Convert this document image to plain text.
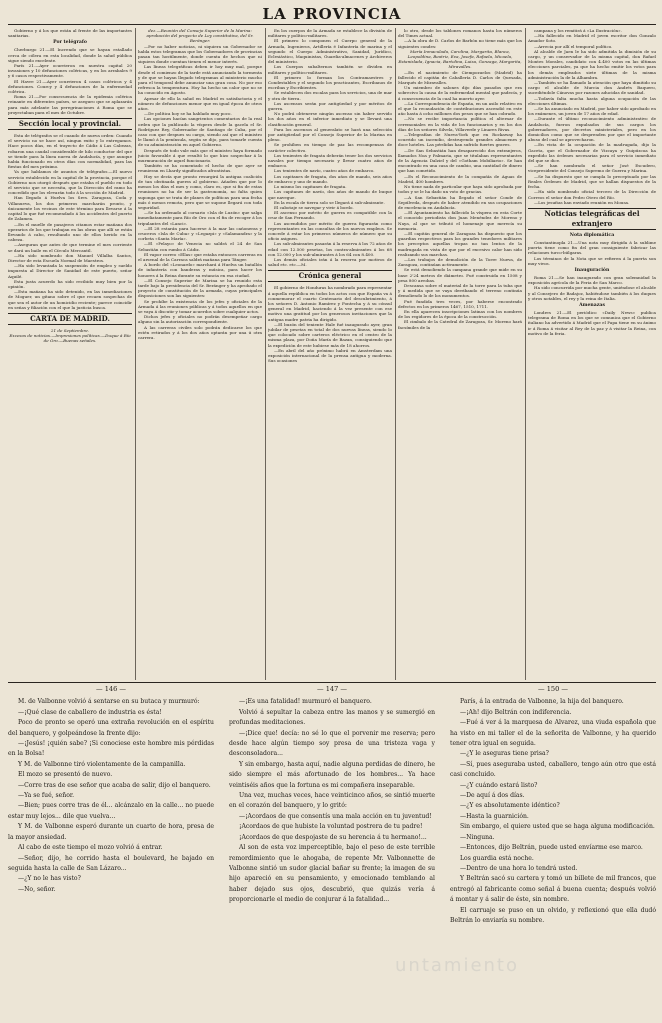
LA PROVINCIA

Gobierno y á los que están al frente de las importantes sanitarias.

Por telégrafo

Cherburgo 21.—El Increndo que se hayan estallado cerca de cólera en esta localidad, donde la salud pública sigue siendo excelente.

París 21.—Ayer ocurrieron en nuestra capital 20 invasiones y 10 defunciones coléricas, y en los arrabales 9 y 6 casos respectivamente.

El Havre 21.—Ayer ocurrieron 4 casos coléricos y 4 defunciones. Courcy y 4 defunciones de la enfermedad colérica.

Roma 21.—Por consecuencia de la epidemia colérica reinante en diferentes países, se aseguro que se aplazarán para más adelante las peregrinaciones á Roma que se proyectaban para el mes de Octubre.

Sección local y provincial.

Esta de telégrafos se el cuando de nueva orden: Cuando el servicio no se hace así, ningun exito y lo entregamos. Hace pocos días, en el trayecto de Cádiz á Las Cabezas, robaron una caudal considerable de hilo conductor del que se tiende para la línea nueva de Andalucía, y que aunque había funcionado en otros días con normalidad, para las fiestas del mes próximo.

Ya que hablamos de asuntos de telégrafos.—El nuevo servicio establecido en la capital de la provincia, porque el Gobierno nos otorgó después que estaba el pueblo en todo el servicio que se necesita, que la Dirección del ramo ha concedido que los elevarán todo á la sección de Madrid.

Han llegado á Huelva los Sres. Zaragoza, Coda y Villanueva, los dos primeros marcharán pronto, y únicamente los vecinos de este término para llevarse á la capital lo que fué recomendado á los accidentes del puerto de Zalamea.

—En el muelle de pasajeros citamos estar mañana dos operarios de los que trabajan en las obras que allí se están llevando á cabo, resultando uno de ellos herido en la cabeza.

—Aseguran que antes de que termine el mes corriente se dará un baile en el Círculo Mercantil.

—Ha sido nombrado don Manuel Villalba Santos, Director de esta Escuela Normal de Maestros.

—Ha sido levantada la suspensión de empleo y sueldo impuesta al Director de Sanidad de este puerto, señor Aquilé.

Esta justa acuerdo ha sido recibido muy bien por la opinión.

—Esta mañana ha sido detenido, en las inmediaciones de Moguer, un gitano sobre el que recaen sospechas de que sea el autor de un homicidio reciente; parece coincidir en señas y filiación con el que la justicia busca.

CARTA DE MADRID.

21 de Septiembre.

Excesos de noticias.—Impresiones políticas.—Duque á Río de Oro.—Buenas señales.

dez.—Reunión del Consejo Superior de la Marina: aprobación del proyecto de Ley constitutiva, del Sr. Beránger.

—Por no haber noticias, ni siquiera un Gobernador se habla estos telegramas que los Gobernadores de provincias pasan tan hostilmente, donde cuenta de hechos que ni siquiera donde cuentan tienen el menor interés.

Las líneas telegráficas deben ir hoy muy mal, porque desde el comienzo de la tarde está anunciando la tormenta y de que se hayan llegado telegramas al ministerio mucho para el temporal debe anunciar una gran cosa. No por eso refresca la temperatura. Hoy ha hecho un calor que no se ha conocido en Agosto.

Apesar de ello la salud en Madrid es satisfactoria y el número de defunciones menor que en igual época de otros años.

—De política hoy se ha hablado muy poco.

Las opciones hacían sangrientos comentarios de la real orden que la publicado la víspera desde la gacela el Sr. Rodríguez Rey, Gobernador de Santiago de Cuba, por el caso con que despues su cargo, siendo así que el ministro le llamó á la península, según se dijo, para tomarle cuenta de su administración en aquel Gobierno.

Después de todo vale más que el ministro haya formado juicio favorable á que resultó lo que hizo sospechar á la murmuración de aquel funcionario.

También se ha comentado el hecho de que ayer se reunieran en Lhardy significados afrontistas.

Hoy se decía que pronto resurgirá la antigua coalición de tan obstinada guerra al gobierno. Añaden que por lo menos los días el mes y como, claro es, que si fin de estas reuniones no ha de ser la gastronomía, no falta quien suponga que se trata de planes de políticas para una fecha más ó menos remota, pero que se supone llegará con toda seguridad.

—Se ha ordenado al corsario «Isla de Luzón» que salga inmediatamente para Río de Oro con el fin de recoger á los tripulantes del «Lanci».

—El 28 estarán para hacerse á la mar las cañoneras y cruceros «Isla de Cuba» y «Legazpi» y «Salamandra» y la corbeta «Santa María».

—El «Pelayo» de Venecia no saldrá el 24 de San Sebastián con rumbo á Cádiz.

El vapor correo «Ellas» que estaba entonces carreras en el arsenal de la Carraca saldrá mañana para Tánger.

A bordo del «Leonardo» marchará á Huelva un batallón de infantería con banderas y música, para hacer los honores á la Reina durante su estancia en esa ciudad.

—El Consejo Superior de Marina se ha reunido esta tarde bajo la presidencia del Sr. Beránger y ha aprobado el proyecto de constitución de la armada, cuyas principales disposiciones son las siguientes:

Se prohíbe la existencia de los jefes y oficiales de la Armada á las reuniones públicas y á todos aquellos en que se vaya á discutir y tomar acuerdos sobre cualquier actos.

Dichos jefes y oficiales no podrán desempeñar cargo alguno sin la autorización correspondiente.

A las carreras civiles solo podrán dedicarse los que estén retirados y á los dos años optarán por una ú otra carrera.

En los cuerpos de la Armada se establece la división de militares y político-militares.

El primero lo componen el Cuerpo general de la Armada, Ingenieros, Artillería é Infantería de marina y el segundo el Cuerpo Administrativo, Sanidad, Jurídico, Eclesiástico, Maquinistas, Guardia-almacenes y Archiveros del ministerio.

Los Cuerpos subalternos también se dividen en militares y político-militares.

El primero lo forman los Contramaestres y Condestables y el segundo los practicantes, Escribanos de escribas y Escribientes.

Se establecen dos escalas para los servicios, una de mar y otra de tierra.

Los ascensos serán por antigüedad y por méritos de guerra.

No podrá obtenerse ningún ascenso sin haber servido los dos años en el inferior inmediato y se llevará una clasificación general.

Para los ascensos al generalato se hará una selección por antigüedad por el Consejo Superior de la Marina en pleno.

Se prohíben en tiempo de paz las recompensas de carácter colectivo.

Los tenientes de fragata deberán tener los dos servicios navales por tiempo necesario y llevar cuatro años de embarco.

Los tenientes de navío, cuatro años de embarco.

Los capitanes de fragata, dos años de mando, seis años de embarco y uno de mando.

Lo mismo los capitanes de fragata.

Los capitanes de navío, dos años de mando de buque que navegue.

En la escala de tierra solo se llegará á sub-almirante.

El cabotaje se navegar y vivir á bordo.

El ascenso por mérito de guerra es compatible con la cruz de San Fernando.

Los ascendidos por mérito de guerra figurarán como representantes en las consultas de los nuevos empleos. Se concede á estar los primeros números de número que su oficio asignen.

Los sub-almirantes pasarán á la reserva á los 72 años de edad con 12.500 pesetas, los contra-almirantes á los 68 con 12.000 y los sub-almirantes á los 64 con 8.400.

Los demás oficiales irán á la reserva por motivos de salud etc. etc.—M.

Crónica general

El gobierno de Honduras ha nombrado para representar á aquella república en todos los actos con que España va á conmemorar el cuarto Centenario del descubrimiento, á los señores D. Antonio Ramírez y Fontecha y á su cónsul general en Madrid, haciendo á la vez presente con ese motivo una gratitud por los generosos invitaciones que la antigua madre patria ha dirigido.

—El buzón del teniente Hale fué inaugurado ayer, gran jubilar de pesetas en total de dos nuevas líneas, siendo lo que colocado sobre carteros eléctrico en el centro de la misma plaza, por Doña María de Bazan, consiguiendo que la expedición de este hubiese más de 18 ahorros.

—En abril del año próximo habrá en Amsterdam una exposición internacional de la prensa antigua y moderna. Sus ocasiones

lo otro, desde los tablones romanos hasta los números del Times actual.

—A la obra de D. Carlos de Barbón no tiene más que los siguientes condes:

María Inmaculada, Carolina, Margarita, Blanca, Leopoldina, Beatriz, Eva, Josefa, Rafaela, Micaela, Estanislada, Ignacia, Bartolina, Luisa, Gonzaga, Margarita, Miravalles.

—En el nacimiento de Ciempozuelos (Madrid) ha fallecido el capitán de Caballería D. Carlos de Quesada, Marqués de Miravalles.

Un miembro de salones dijo días pasados que era sobrecivo la causa de la enfermedad mental que padecía, y á consecuencia de la cual ha muerto ayer.

—La Correspondencia de España, en un asilo relativo en el que la recaudación de contribuciones ascendió en este año hasta á ocho millones dos pesos que se han cobrado.

—No se recibe importancia política el alternar de ceremoniales en la vida de los funcionarios y en los dos días de los señores Silvela, Villaverde y Linares Rivas.

—Telegrafían de Nueva-York que en Rockaway ha ocurrido un incendio, destruyendo grandes almacenes y doce hoteles. Las pérdidas han sufrido fuertes graves.

—De San Sebastián han desaparecido dos extranjeros, llamados Noa y Palmaria, que se titulaban representantes de la Agencia Dalziel y del «Gotham Mobiliario». Se han encontrado en una casa de cambio, una cantidad de dinero que han cometido.

—Es el Reconocimiento de la compañía de Aguas de Madrid, 400 hombres.

No tiene nada de particular que haya sido aprobada por todos y se le ha dado un voto de gracias.

—A San Sebastián ha llegado el señor Conde de Sepúlveda, después de haber atendido en sus ocupaciones de excelencia en Andalucía.

—El Ayuntamiento ha fallecido la víspera en esta Corte el conocido periodista don Juan Menéndez de Moreno y Naya, al que se tributó el homenaje que merecía su memoria.

—El capitán general de Zaragoza ha dispuesto que los guardias respectivos para los grandes tenedores militares los preceptos aquellas tropas no tan lentos de la madrugada en vista de que por el excesivo calor han sido realizando sus marchas.

—Los trabajos de demolición de la Torre Nueva, de Zaragoza, continúan activamente.

Se está demoliendo la campana grande que mide en su base 2'24 metros de diámetro. Fué construida en 1508 y pesa 800 arrobas.

Descansa sobre el material de la torre para la tuba que y á medida que se vaya derribando el terreno continúa demoliendo lo de los monumentos.

Fué fundida tres veces, por haberse encontrado defectos en los primeros 1467, 1510, 1711.

En ella aparecen inscripciones latinas con los nombres de los regidores de la época de la construcción.

El cimbalo de la Catedral de Zaragoza, Sr. Moreno hará facsímiles de la

campana y los remitirá á «La Ilustración».

—Ha fallecido en Madrid el joven escritor don Gonzalo Amador Soto.

—Arrecia por allí el temporal político.

Al alcalde de Jaen le ha sido admitida la dimisión de su cargo, y un conservador de la misma capital, don Rafael Montes Morales, candidato con 4.400 votos en las últimas elecciones parciales, ya que ha hecho emitir los votos para los demás empleados siete últimas de la misma administración la de la Alhambra.

—También se ha llamado la atención que haya dimitido su cargo el alcalde de Murcia don Andrés Baquero, sucediéndole Cánovas por razones aducidas de sanidad.

—Todavía falta mucha hasta alguna ocupación de las elecciones últimas.

—Se ha anunciado en Madrid, por haber sido aprobado en los exámenes, un joven de 17 años de edad.

—Durante el último reconocimiento administrativo de Andalucía, fueron expulsados de sus cargos los gobernadores, por decretos ministeriales, pero en los domicilios como que se desprenden por que el importante abuso del cual se aprovecharon.

—En vista de la ocupación de la madrugada, dijo la Gaceta, que el Gobernador de Vizcaya y Guipúzcoa ha expedido las órdenes necesarias para el servicio inmediato del que se dice.

—Se han nombrado el señor José Escudero, vicepresidente del Consejo Supremo de Guerra y Marina.

—Se ha dispuesto que se cumpla lo preceptuado por las Reales Órdenes de Madrid, que se hallan dispuestos de la fecha.

—Ha sido nombrado oficial tercero de la Dirección de Correos el señor don Pedro Otero del Río.

—Los jesuítas han enviado reunión en Mousa.

Noticias telegráficas del extranjero
Nota diplomática

Constantinopla 21.—Una nota muy dirigida á la sublime puerta tiene como fin del gran consiguiente fabricar las relaciones turco-búlgaras.

Los términos de la Nota que se refieren á la puerta son muy vivos.

Inauguración

Roma 21.—Se han inaugurado con gran solemnidad la exposición agrícola de la Feria de San Marco.

Ha sido concurrida por mucha gente, uniéndose el alcalde y al Consejero de Badajoz, habiéndose también á los duques y otros notables, el rey y la reina de Italia.

Amenazas

Londres 21.—El periódico «Daily News» publica telegrama de Roma en los que se comunica que el Gobierno italiano ha advertido á Madrid que el Papa tiene en su ánimo ir á Roma á visitar al Rey de la paz y á visitar la Reina, con motivo de la feria.

— 146 —

M. de Valbonne volvió á sentarse en su butaca y murmuró:

—¡Qué clase de caballero de industria es ésta!

Poco de pronto se operó una extraña revolución en el espíritu del banquero, y golpeándose la frente dijo:

—¡Jesús! ¡quién sabe? ¡Si conociese este hombre mis pérdidas en la Bolsa!

Y M. de Valbonne tiró violentamente de la campanilla.

El mozo se presentó de nuevo.

—Corre tras de ese señor que acaba de salir, dijo el banquero.

—Ya se fué, señor.

—Bien; pues corre tras de él... alcánzalo en la calle... no puede estar muy lejos... dile que vuelva...

Y M. de Valbonne esperó durante un cuarto de hora, presa de la mayor ansiedad.

Al cabo de este tiempo el mozo volvió á entrar.

—Señor, dijo, he corrido hasta el boulevard, he bajado en seguida hasta la calle de San Lázaro...

—¿Y no le has visto?

—No, señor.

— 147 —

—¡Es una fatalidad! murmuró el banquero.

Volvió á sepultar la cabeza entre las manos y se sumergió en profundas meditaciones.

—¡Dice que! decía: no sé lo que el porvenir me reserva; pero desde hace algún tiempo soy presa de una tristeza vaga y desconsoladora...

Y sin embargo, hasta aquí, nadie alguna perdidas de dinero, he sido siempre el más afortunado de los hombres... Ya hace veintiséis años que la fortuna es mi compañera inseparable.

Una vez, muchas veces, hace veinticinco años, se sintió muerte en el corazón del banquero, y lo gritó:

—¡Acordaos de que consentís una mala acción en tu juventud!

¡Acordaos de que hubiste la voluntad postrera de tu padre!

¡Acordaos de que despojaste de su herencia á tu hermano!...

Al son de esta voz imperceptible, bajo el peso de este terrible remordimiento que le ahogaba, de repente Mr. Valbonnette de Valbonne sintió un sudor glacial bañar su frente; la imagen de su hijo apareció en su pensamiento, y emocionado temblando al haber dejado sus ojos, descubrió, que quizás vería á proporcionarle el medio de conjurar á la fatalidad...

— 150 —

París, á la entrada de Valbonne, la hija del banquero.

—¡Ah! dijo Beltrán con indiferencia.

—Fué á ver á la marquesa de Alvarez, una viuda española que ha visto en mi taller el de la señorita de Valbonne, y ha querido tener otra igual en seguida.

—¿Y le aseguras tiene prisa?

—Sí, pues aseguraba usted, caballero, tengo aún otro que está casi concluido.

—¿Y cuándo estará listo?

—De aquí á dos días.

—¿Y es absolutamente idéntico?

—Hasta la guarnición.

Sin embargo, el quiere usted que se haga alguna modificación.

—Ninguna.

—Entonces, dijo Beltrán, puede usted envíarme ese marco.

Los guardia está noche.

—Dentro de una hora lo tendrá usted.

Y Beltrán sacó su cartera y tomó un billete de mil francos, que entregó al fabricante como señal á buena cuenta; después volvió á montar y á salir de éste, sin nombre.

El carruaje se puso en un olvido, y reflexionó que ella dudó Beltrán lo enviaría su nombre.

untamiento
